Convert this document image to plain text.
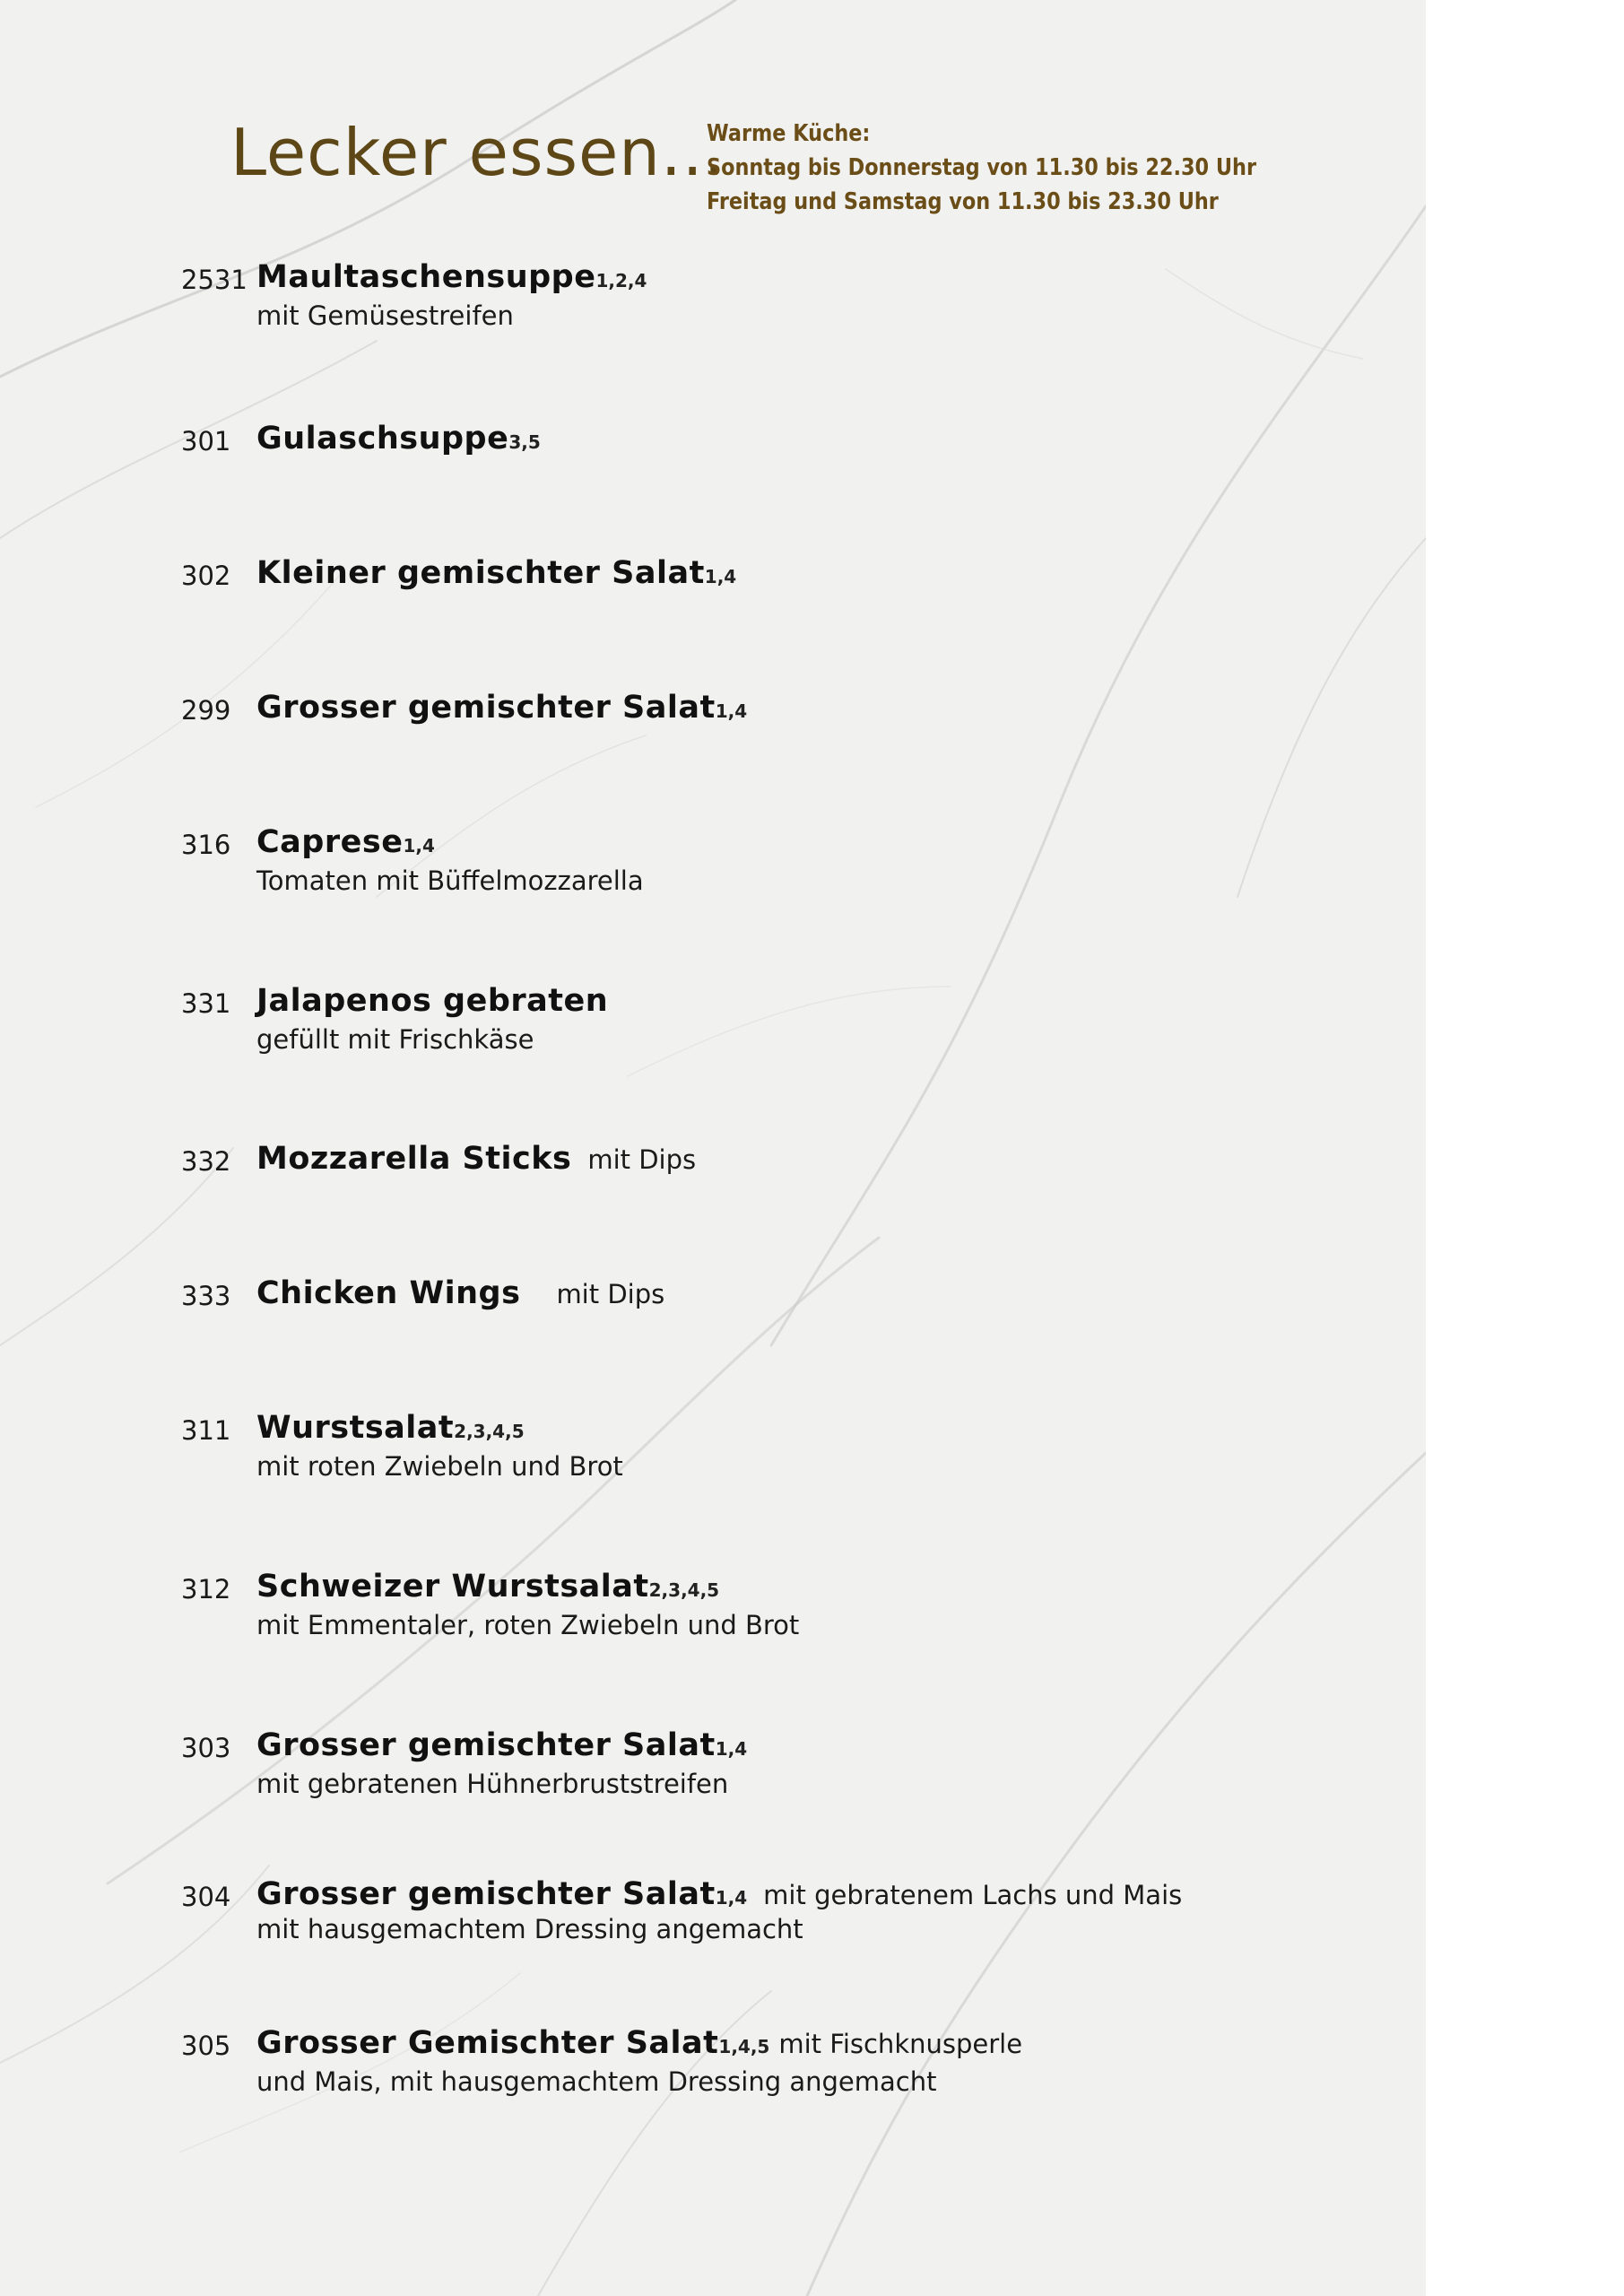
Lecker essen...
Warme Küche:
Sonntag bis Donnerstag von 11.30 bis 22.30 Uhr
Freitag und Samstag von 11.30 bis 23.30 Uhr
2531 Maultaschensuppe1,2,4
mit Gemüsestreifen
301 Gulaschsuppe3,5
302 Kleiner gemischter Salat1,4
299 Grosser gemischter Salat1,4
316 Caprese1,4
Tomaten mit Büffelmozzarella
331 Jalapenos gebraten
gefüllt mit Frischkäse
332 Mozzarella Sticks mit Dips
333 Chicken Wings mit Dips
311 Wurstsalat2,3,4,5
mit roten Zwiebeln und Brot
312 Schweizer Wurstsalat2,3,4,5
mit Emmentaler, roten Zwiebeln und Brot
303 Grosser gemischter Salat1,4
mit gebratenen Hühnerbruststreifen
304 Grosser gemischter Salat1,4 mit gebratenem Lachs und Mais
mit hausgemachtem Dressing angemacht
305 Grosser Gemischter Salat1,4,5 mit Fischknusperle
und Mais, mit hausgemachtem Dressing angemacht
